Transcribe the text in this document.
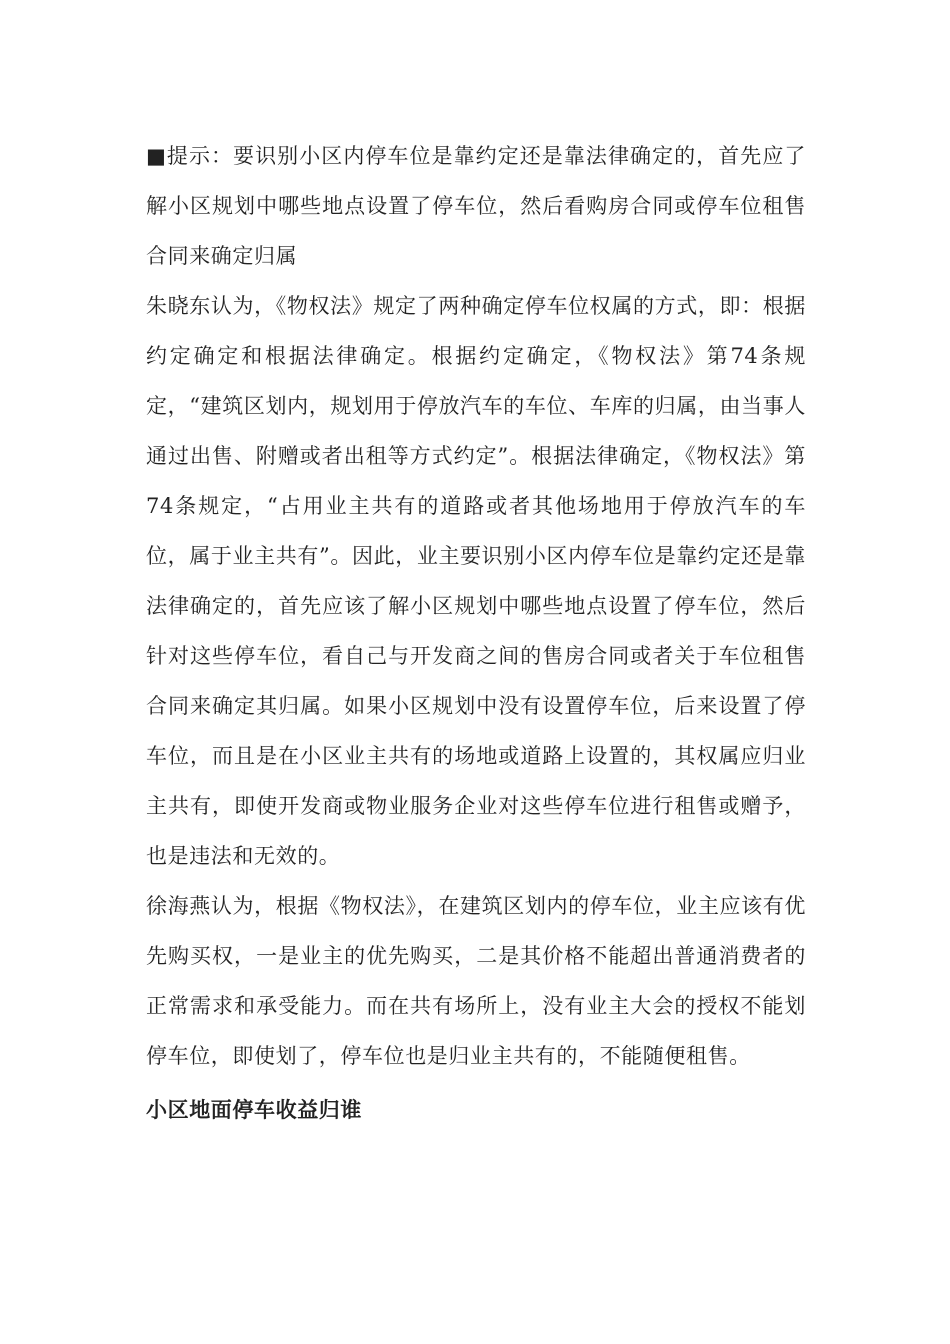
■提示：要识别小区内停车位是靠约定还是靠法律确定的，首先应了解小区规划中哪些地点设置了停车位，然后看购房合同或停车位租售合同来确定归属

朱晓东认为，《物权法》规定了两种确定停车位权属的方式，即：根据约定确定和根据法律确定。根据约定确定，《物权法》第74条规定，“建筑区划内，规划用于停放汽车的车位、车库的归属，由当事人通过出售、附赠或者出租等方式约定”。根据法律确定，《物权法》第74条规定，“占用业主共有的道路或者其他场地用于停放汽车的车位，属于业主共有”。因此，业主要识别小区内停车位是靠约定还是靠法律确定的，首先应该了解小区规划中哪些地点设置了停车位，然后针对这些停车位，看自己与开发商之间的售房合同或者关于车位租售合同来确定其归属。如果小区规划中没有设置停车位，后来设置了停车位，而且是在小区业主共有的场地或道路上设置的，其权属应归业主共有，即使开发商或物业服务企业对这些停车位进行租售或赠予，也是违法和无效的。

徐海燕认为，根据《物权法》，在建筑区划内的停车位，业主应该有优先购买权，一是业主的优先购买，二是其价格不能超出普通消费者的正常需求和承受能力。而在共有场所上，没有业主大会的授权不能划停车位，即使划了，停车位也是归业主共有的，不能随便租售。

小区地面停车收益归谁
